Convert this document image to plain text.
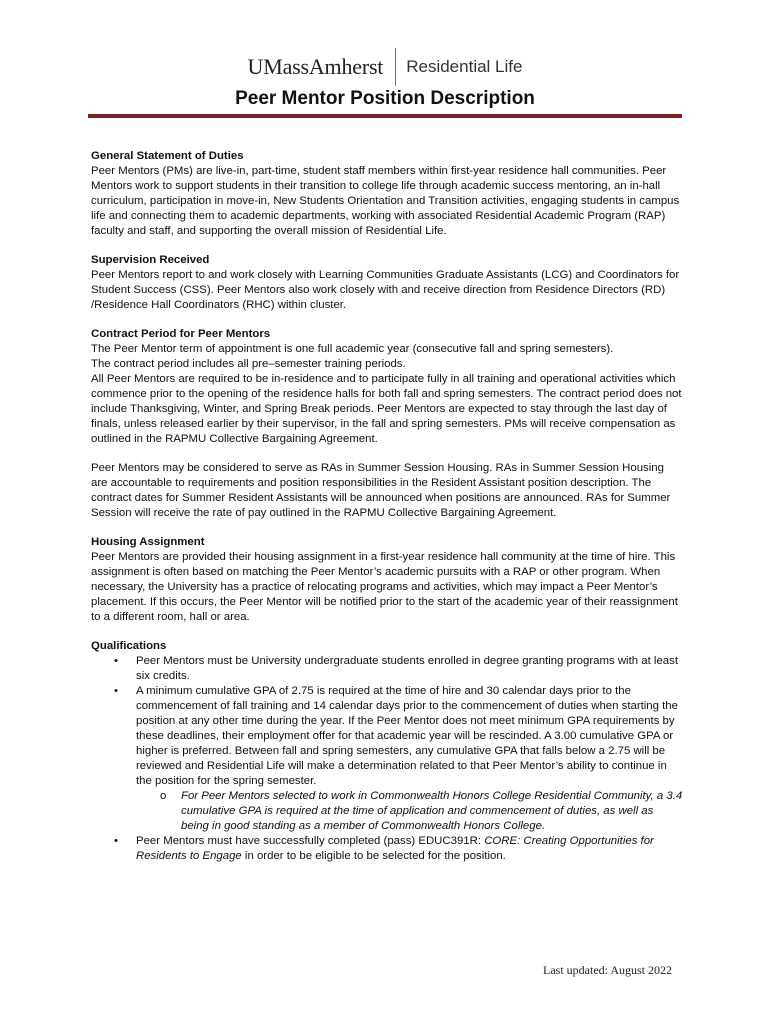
UMassAmherst Residential Life
Peer Mentor Position Description
General Statement of Duties

Peer Mentors (PMs) are live-in, part-time, student staff members within first-year residence hall communities. Peer Mentors work to support students in their transition to college life through academic success mentoring, an in-hall curriculum, participation in move-in, New Students Orientation and Transition activities, engaging students in campus life and connecting them to academic departments, working with associated Residential Academic Program (RAP) faculty and staff, and supporting the overall mission of Residential Life.

Supervision Received

Peer Mentors report to and work closely with Learning Communities Graduate Assistants (LCG) and Coordinators for Student Success (CSS). Peer Mentors also work closely with and receive direction from Residence Directors (RD) /Residence Hall Coordinators (RHC) within cluster.

Contract Period for Peer Mentors

The Peer Mentor term of appointment is one full academic year (consecutive fall and spring semesters).

The contract period includes all pre–semester training periods.

All Peer Mentors are required to be in-residence and to participate fully in all training and operational activities which commence prior to the opening of the residence halls for both fall and spring semesters. The contract period does not include Thanksgiving, Winter, and Spring Break periods. Peer Mentors are expected to stay through the last day of finals, unless released earlier by their supervisor, in the fall and spring semesters. PMs will receive compensation as outlined in the RAPMU Collective Bargaining Agreement.

Peer Mentors may be considered to serve as RAs in Summer Session Housing. RAs in Summer Session Housing are accountable to requirements and position responsibilities in the Resident Assistant position description. The contract dates for Summer Resident Assistants will be announced when positions are announced. RAs for Summer Session will receive the rate of pay outlined in the RAPMU Collective Bargaining Agreement.

Housing Assignment

Peer Mentors are provided their housing assignment in a first-year residence hall community at the time of hire. This assignment is often based on matching the Peer Mentor’s academic pursuits with a RAP or other program. When necessary, the University has a practice of relocating programs and activities, which may impact a Peer Mentor’s placement. If this occurs, the Peer Mentor will be notified prior to the start of the academic year of their reassignment to a different room, hall or area.

Qualifications
• Peer Mentors must be University undergraduate students enrolled in degree granting programs with at least six credits.
• A minimum cumulative GPA of 2.75 is required at the time of hire and 30 calendar days prior to the commencement of fall training and 14 calendar days prior to the commencement of duties when starting the position at any other time during the year. If the Peer Mentor does not meet minimum GPA requirements by these deadlines, their employment offer for that academic year will be rescinded. A 3.00 cumulative GPA or higher is preferred. Between fall and spring semesters, any cumulative GPA that falls below a 2.75 will be reviewed and Residential Life will make a determination related to that Peer Mentor’s ability to continue in the position for the spring semester.
o For Peer Mentors selected to work in Commonwealth Honors College Residential Community, a 3.4 cumulative GPA is required at the time of application and commencement of duties, as well as being in good standing as a member of Commonwealth Honors College.
• Peer Mentors must have successfully completed (pass) EDUC391R: CORE: Creating Opportunities for Residents to Engage in order to be eligible to be selected for the position.
Last updated: August 2022
